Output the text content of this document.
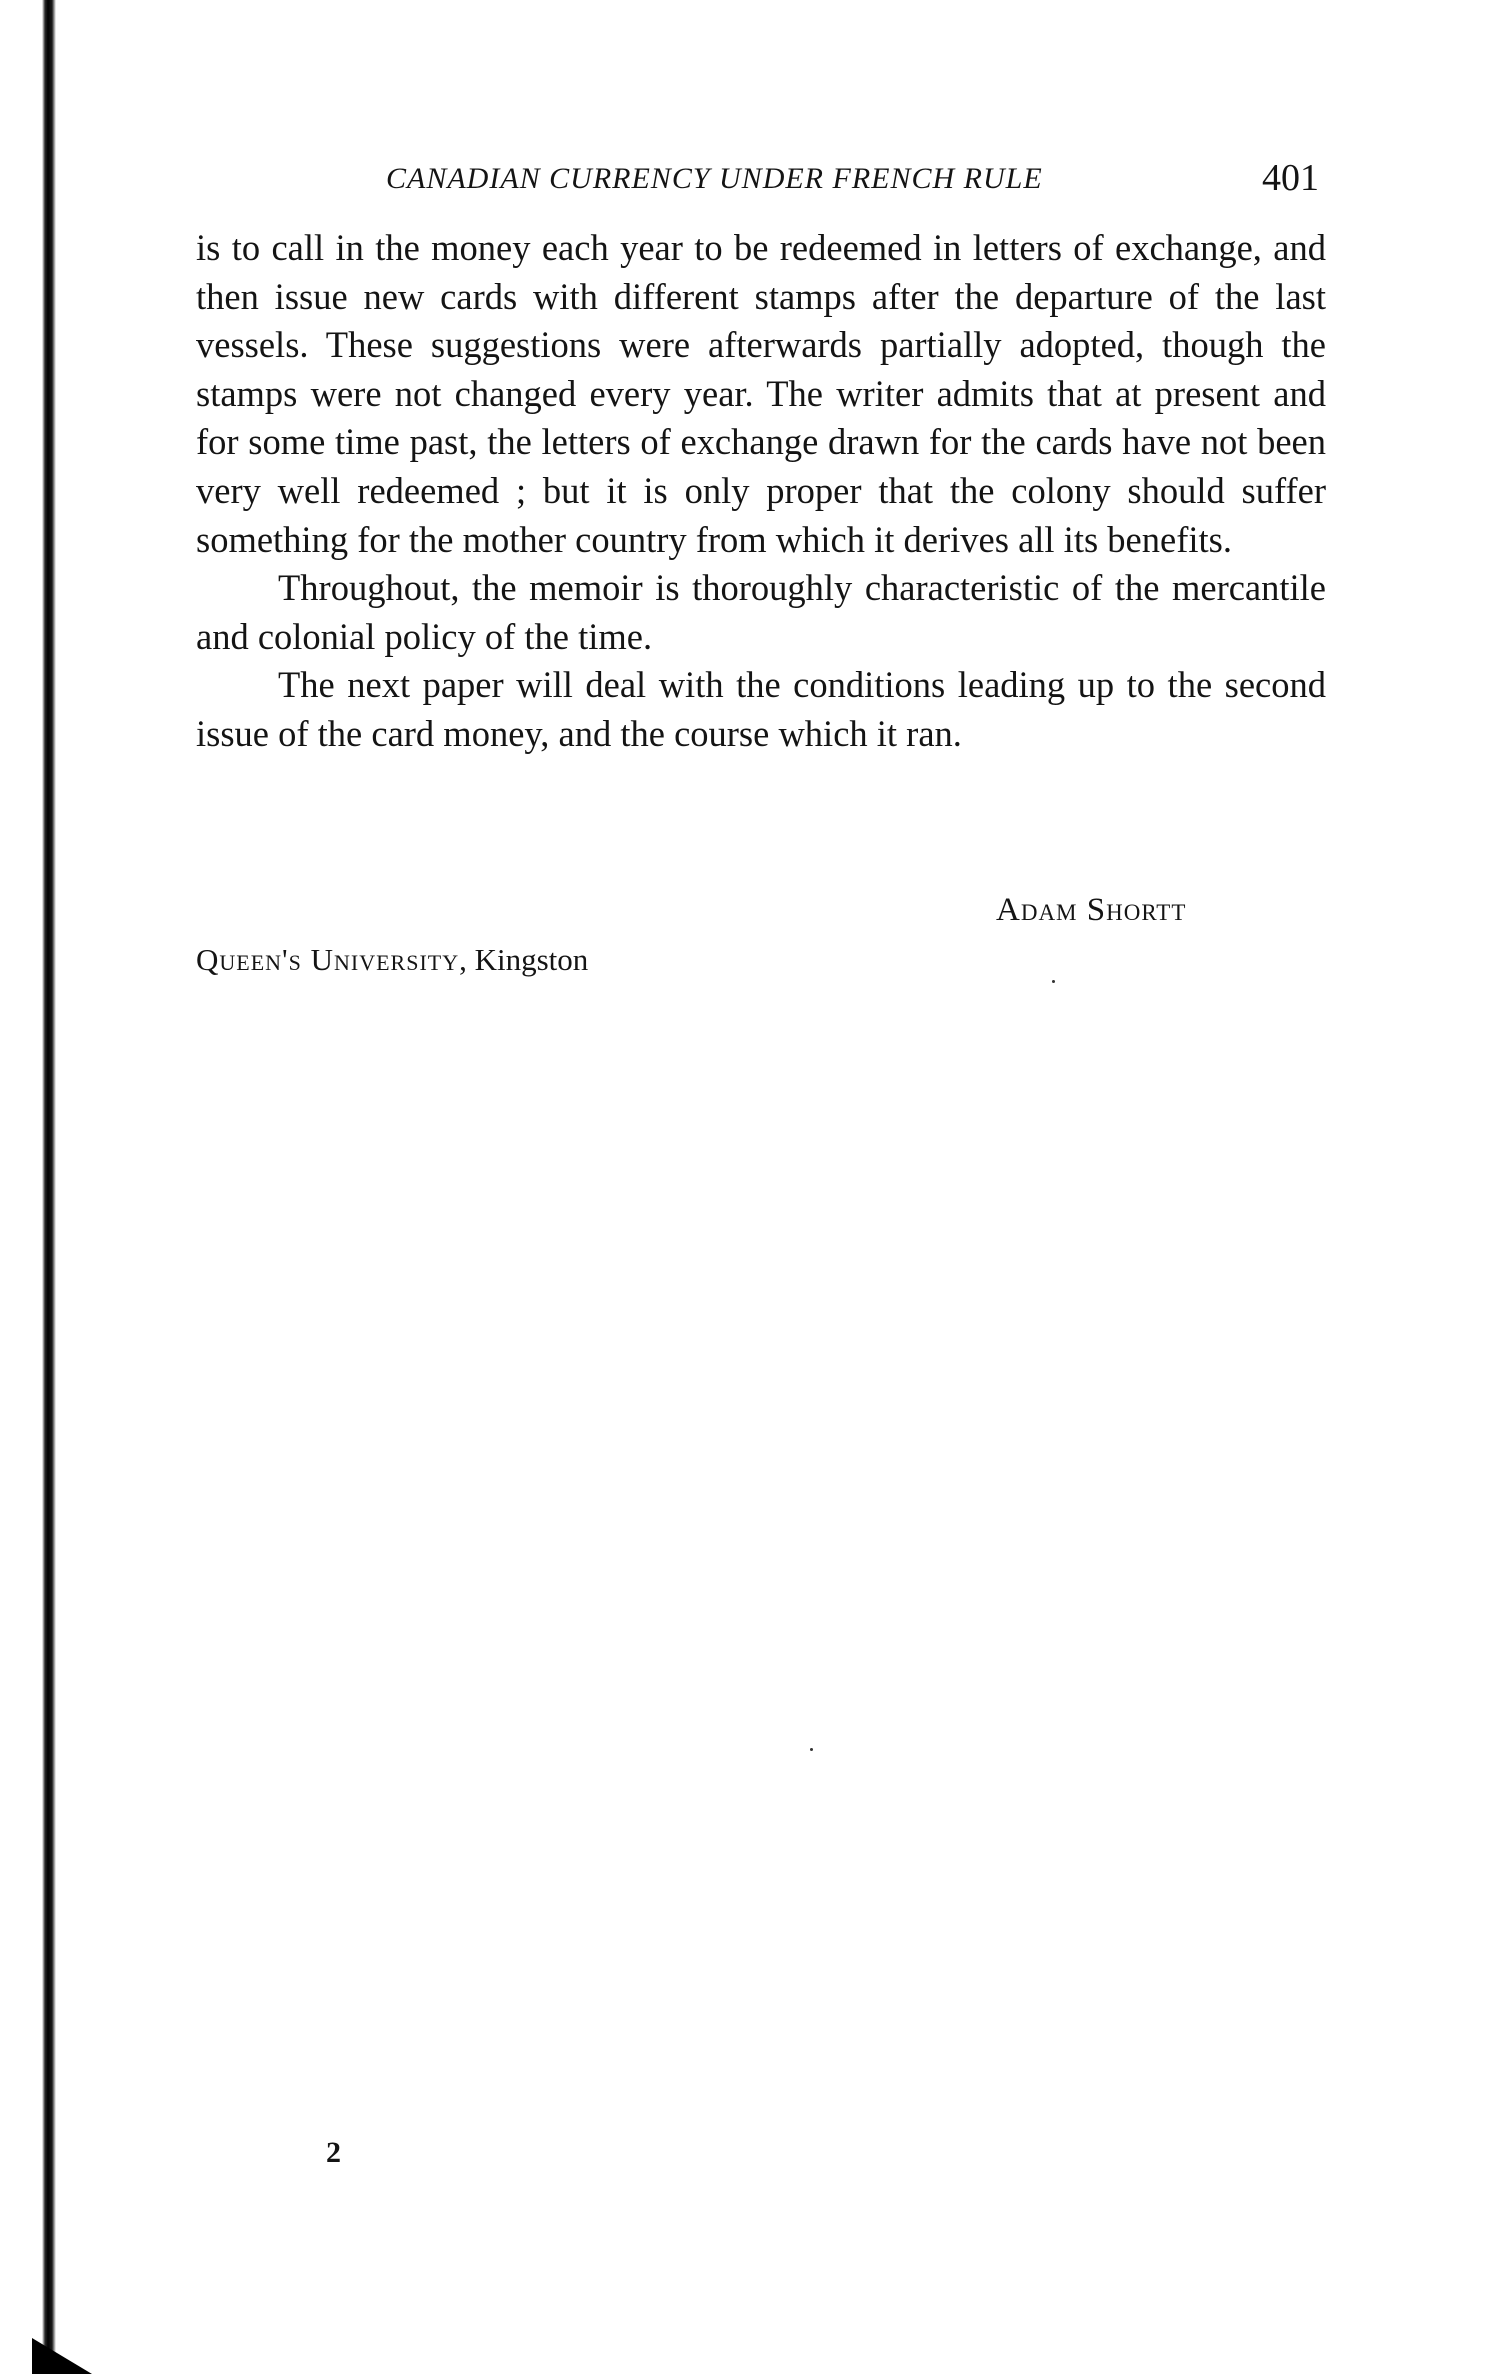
CANADIAN CURRENCY UNDER FRENCH RULE	401

is to call in the money each year to be redeemed in letters of exchange, and then issue new cards with different stamps after the departure of the last vessels. These suggestions were afterwards partially adopted, though the stamps were not changed every year. The writer admits that at present and for some time past, the letters of exchange drawn for the cards have not been very well redeemed ; but it is only proper that the colony should suffer something for the mother country from which it derives all its benefits.

Throughout, the memoir is thoroughly characteristic of the mercantile and colonial policy of the time.

The next paper will deal with the conditions leading up to the second issue of the card money, and the course which it ran.

Adam Shortt
Queen's University, Kingston
2
